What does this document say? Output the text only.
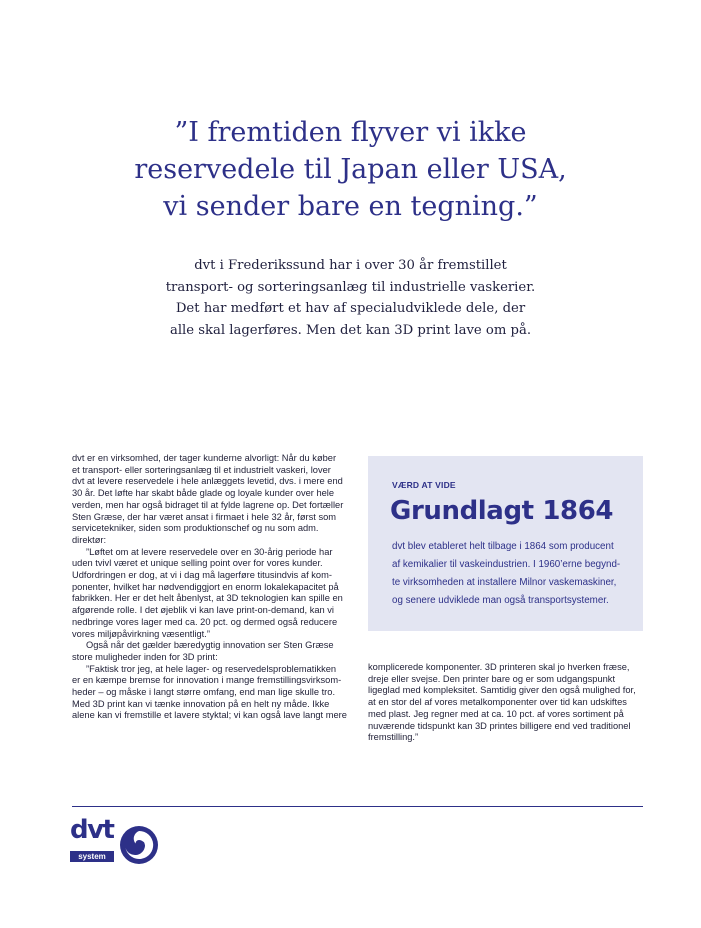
”I fremtiden flyver vi ikke
reservedele til Japan eller USA,
vi sender bare en tegning.”
dvt i Frederikssund har i over 30 år fremstillet
transport- og sorteringsanlæg til industrielle vaskerier.
Det har medført et hav af specialudviklede dele, der
alle skal lagerføres. Men det kan 3D print lave om på.
dvt er en virksomhed, der tager kunderne alvorligt: Når du køber
et transport- eller sorteringsanlæg til et industrielt vaskeri, lover
dvt at levere reservedele i hele anlæggets levetid, dvs. i mere end
30 år. Det løfte har skabt både glade og loyale kunder over hele
verden, men har også bidraget til at fylde lagrene op. Det fortæller
Sten Græse, der har været ansat i firmaet i hele 32 år, først som
servicetekniker, siden som produktionschef og nu som adm.
direktør:
”Løftet om at levere reservedele over en 30-årig periode har
uden tvivl været et unique selling point over for vores kunder.
Udfordringen er dog, at vi i dag må lagerføre titusindvis af kom-
ponenter, hvilket har nødvendiggjort en enorm lokalekapacitet på
fabrikken. Her er det helt åbenlyst, at 3D teknologien kan spille en
afgørende rolle. I det øjeblik vi kan lave print-on-demand, kan vi
nedbringe vores lager med ca. 20 pct. og dermed også reducere
vores miljøpåvirkning væsentligt.”
Også når det gælder bæredygtig innovation ser Sten Græse
store muligheder inden for 3D print:
”Faktisk tror jeg, at hele lager- og reservedelsproblematikken
er en kæmpe bremse for innovation i mange fremstillingsvirksom-
heder – og måske i langt større omfang, end man lige skulle tro.
Med 3D print kan vi tænke innovation på en helt ny måde. Ikke
alene kan vi fremstille et lavere styktal; vi kan også lave langt mere
VÆRD AT VIDE
Grundlagt 1864
dvt blev etableret helt tilbage i 1864 som producent
af kemikalier til vaskeindustrien. I 1960’erne begynd-
te virksomheden at installere Milnor vaskemaskiner,
og senere udviklede man også transportsystemer.
komplicerede komponenter. 3D printeren skal jo hverken fræse,
dreje eller svejse. Den printer bare og er som udgangspunkt
ligeglad med kompleksitet. Samtidig giver den også mulighed for,
at en stor del af vores metalkomponenter over tid kan udskiftes
med plast. Jeg regner med at ca. 10 pct. af vores sortiment på
nuværende tidspunkt kan 3D printes billigere end ved traditionel
fremstilling.”
dvt
system
